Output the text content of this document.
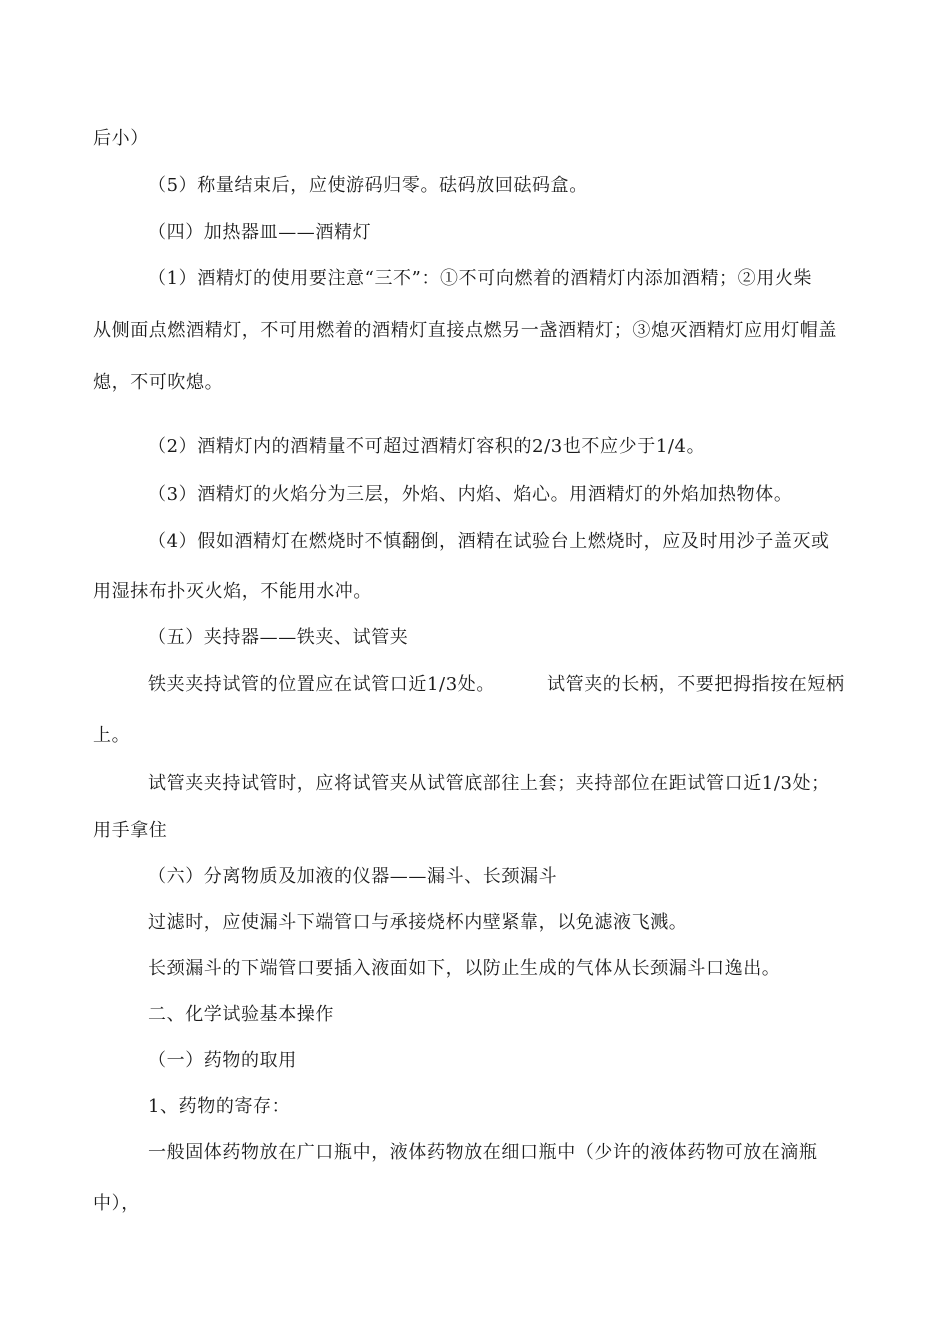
后小）
（5）称量结束后，应使游码归零。砝码放回砝码盒。
（四）加热器皿——酒精灯
（1）酒精灯的使用要注意“三不”：①不可向燃着的酒精灯内添加酒精；②用火柴
从侧面点燃酒精灯，不可用燃着的酒精灯直接点燃另一盏酒精灯；③熄灭酒精灯应用灯帽盖
熄，不可吹熄。
（2）酒精灯内的酒精量不可超过酒精灯容积的2/3也不应少于1/4。
（3）酒精灯的火焰分为三层，外焰、内焰、焰心。用酒精灯的外焰加热物体。
（4）假如酒精灯在燃烧时不慎翻倒，酒精在试验台上燃烧时，应及时用沙子盖灭或
用湿抹布扑灭火焰，不能用水冲。
（五）夹持器——铁夹、试管夹
铁夹夹持试管的位置应在试管口近1/3处。	试管夹的长柄，不要把拇指按在短柄
上。
试管夹夹持试管时，应将试管夹从试管底部往上套；夹持部位在距试管口近1/3处；
用手拿住
（六）分离物质及加液的仪器——漏斗、长颈漏斗
过滤时，应使漏斗下端管口与承接烧杯内壁紧靠，以免滤液飞溅。
长颈漏斗的下端管口要插入液面如下，以防止生成的气体从长颈漏斗口逸出。
二、化学试验基本操作
（一）药物的取用
1、药物的寄存：
一般固体药物放在广口瓶中，液体药物放在细口瓶中（少许的液体药物可放在滴瓶
中），
